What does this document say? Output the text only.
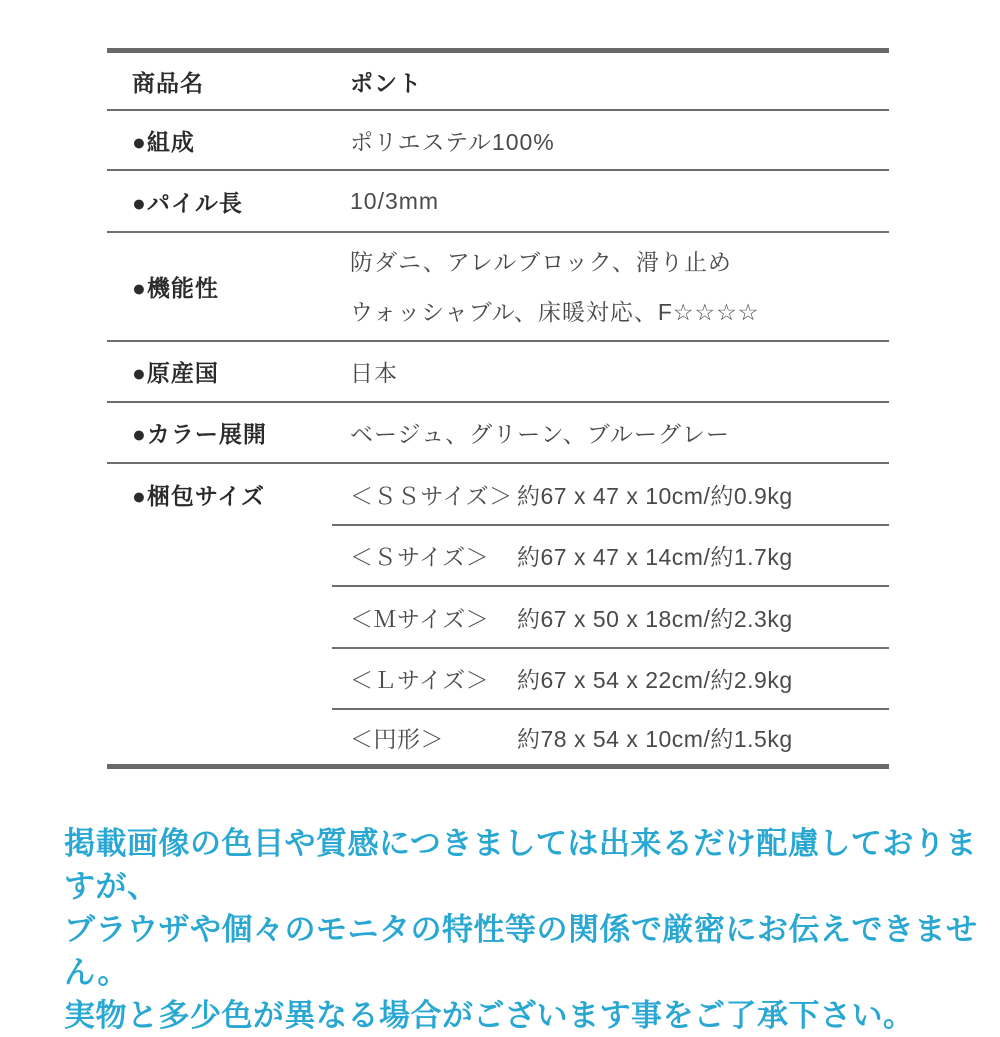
商品名	ポント
●組成	ポリエステル100%
●パイル長	10/3mm
●機能性
防ダニ、アレルブロック、滑り止め
ウォッシャブル、床暖対応、F☆☆☆☆
●原産国	日本
●カラー展開	ベージュ、グリーン、ブルーグレー
●梱包サイズ	＜ＳＳサイズ＞ 約67 x 47 x 10cm/約0.9kg
＜Ｓサイズ＞	約67 x 47 x 14cm/約1.7kg
＜Ｍサイズ＞	約67 x 50 x 18cm/約2.3kg
＜Ｌサイズ＞	約67 x 54 x 22cm/約2.9kg
＜円形＞	約78 x 54 x 10cm/約1.5kg
掲載画像の色目や質感につきましては出来るだけ配慮しておりますが、
ブラウザや個々のモニタの特性等の関係で厳密にお伝えできません。
実物と多少色が異なる場合がございます事をご了承下さい。
